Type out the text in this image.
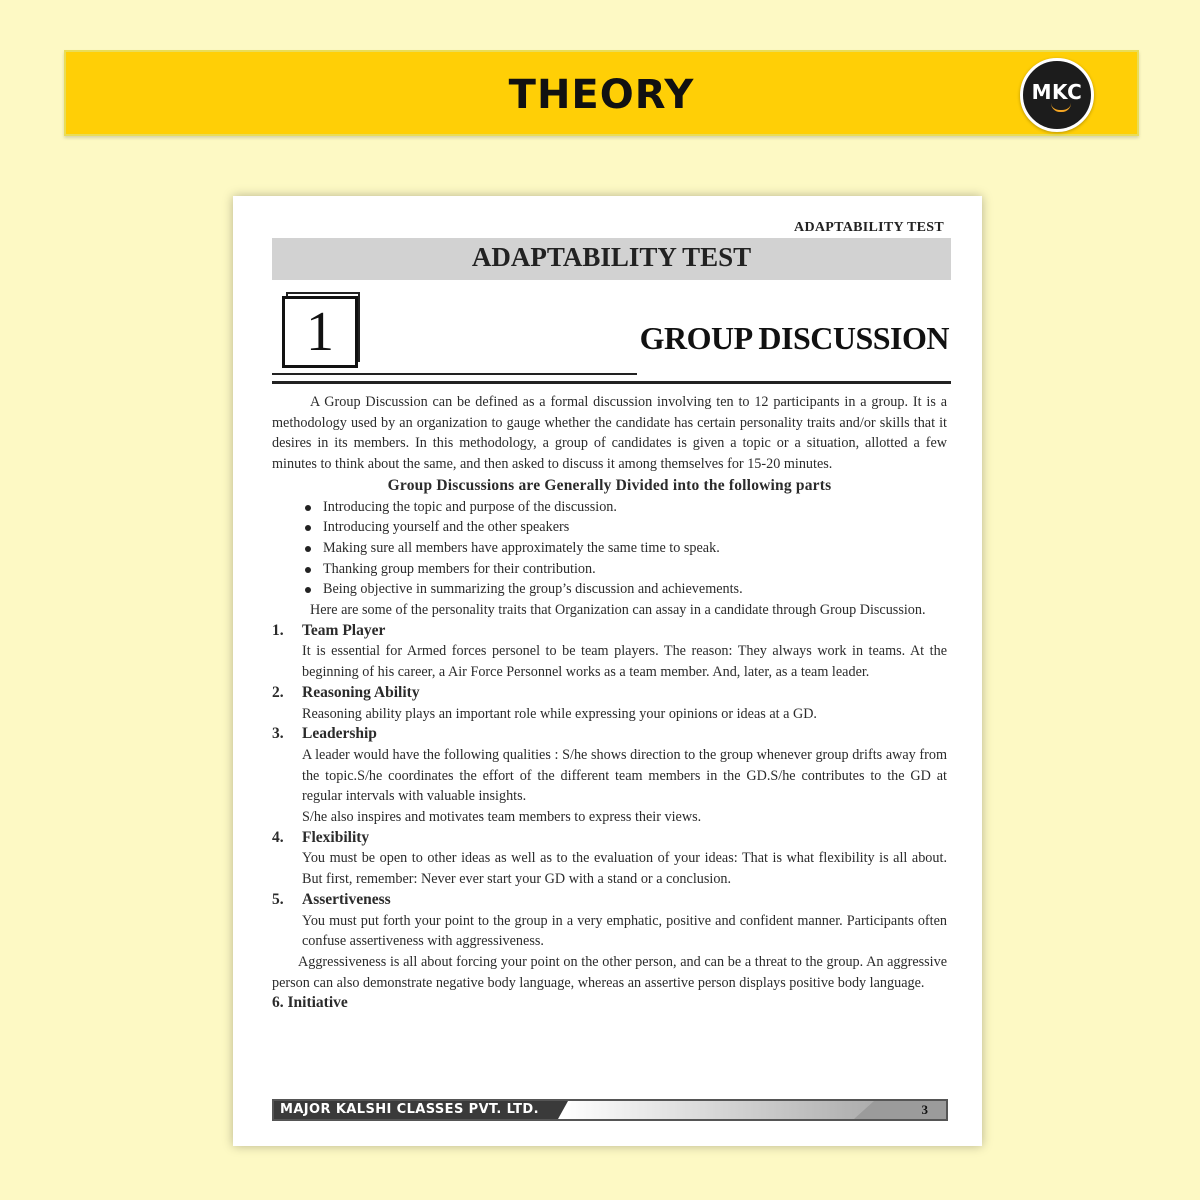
THEORY	MKC
ADAPTABILITY TEST
ADAPTABILITY TEST
1	GROUP DISCUSSION
A Group Discussion can be defined as a formal discussion involving ten to 12 participants in a group. It is a methodology used by an organization to gauge whether the candidate has certain personality traits and/or skills that it desires in its members. In this methodology, a group of candidates is given a topic or a situation, allotted a few minutes to think about the same, and then asked to discuss it among themselves for 15-20 minutes.
Group Discussions are Generally Divided into the following parts
Introducing the topic and purpose of the discussion.
Introducing yourself and the other speakers
Making sure all members have approximately the same time to speak.
Thanking group members for their contribution.
Being objective in summarizing the group’s discussion and achievements.
Here are some of the personality traits that Organization can assay in a candidate through Group Discussion.
1. Team Player
It is essential for Armed forces personel to be team players. The reason: They always work in teams. At the beginning of his career, a Air Force Personnel works as a team member. And, later, as a team leader.
2. Reasoning Ability
Reasoning ability plays an important role while expressing your opinions or ideas at a GD.
3. Leadership
A leader would have the following qualities : S/he shows direction to the group whenever group drifts away from the topic.S/he coordinates the effort of the different team members in the GD.S/he contributes to the GD at regular intervals with valuable insights.
S/he also inspires and motivates team members to express their views.
4. Flexibility
You must be open to other ideas as well as to the evaluation of your ideas: That is what flexibility is all about. But first, remember: Never ever start your GD with a stand or a conclusion.
5. Assertiveness
You must put forth your point to the group in a very emphatic, positive and confident manner. Participants often confuse assertiveness with aggressiveness.
Aggressiveness is all about forcing your point on the other person, and can be a threat to the group. An aggressive person can also demonstrate negative body language, whereas an assertive person displays positive body language.
6. Initiative
MAJOR KALSHI CLASSES PVT. LTD.	3
